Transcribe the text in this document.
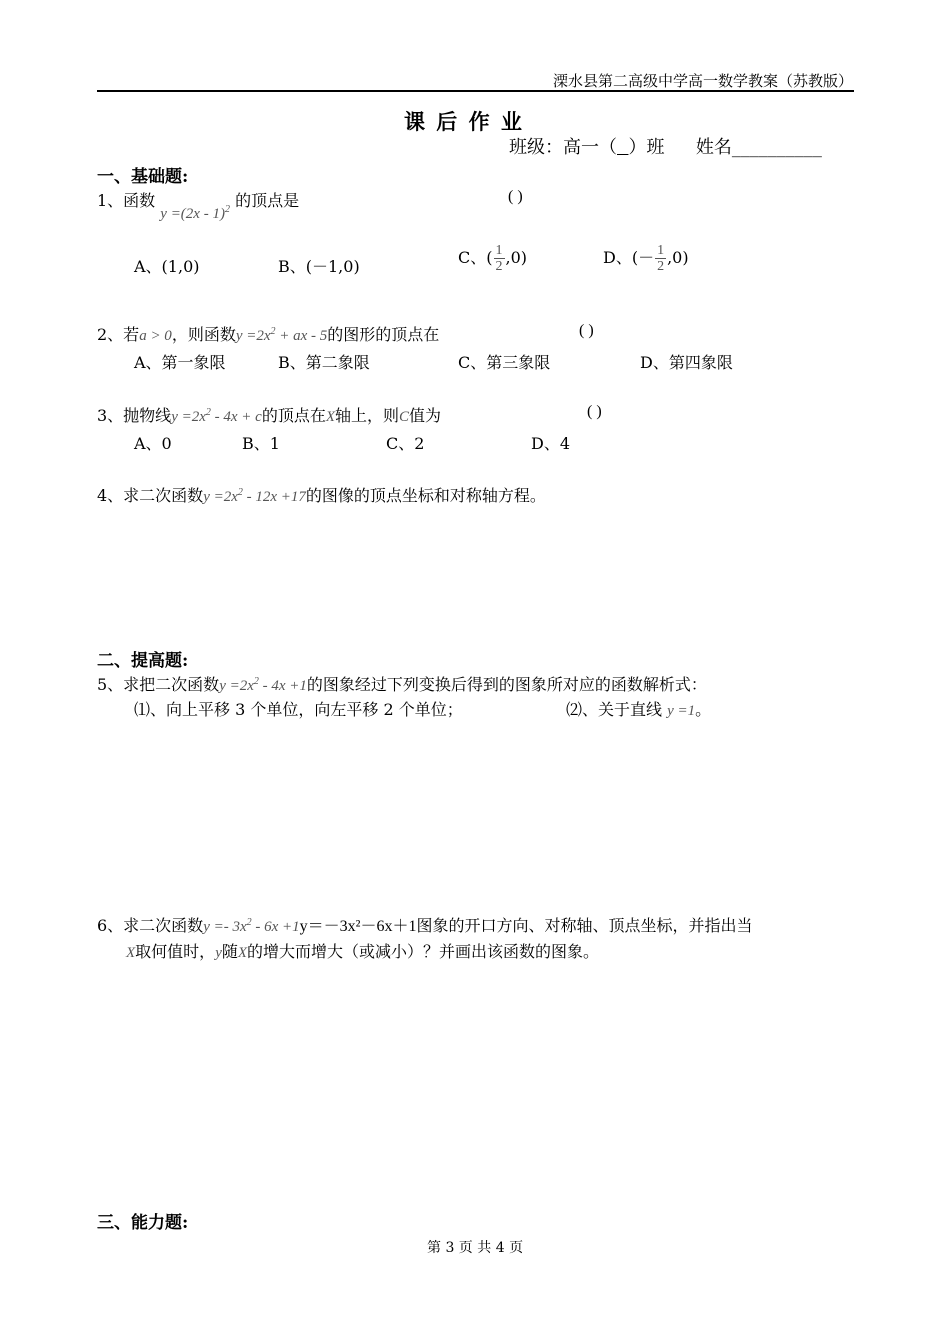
溧水县第二高级中学高一数学教案（苏教版）
课 后 作 业
班级：高一（ ）班 姓名__________
一、基础题:
1、函数 y =(2x - 1)$^2$ 的顶点是	( )
A、(1,0)	B、(－1,0)	C、( $\frac{1}{2} ,0$)	D、(－ $\frac{1}{2} ,0$)
2、若a > 0，则函数$y =2x^2$ + ax - 5的图形的顶点在	( )
A、第一象限	B、第二象限	C、第三象限	D、第四象限
3、抛物线$y =2x^2 - 4x + c$的顶点在X轴上，则C值为	( )
A、0	B、1	C、2	D、4
4、求二次函数$y =2x^2 - 12x +17$的图像的顶点坐标和对称轴方程。
二、提高题:
5、求把二次函数$y =2x^2 - 4x +1$的图象经过下列变换后得到的图象所对应的函数解析式：
⑴、向上平移 3 个单位，向左平移 2 个单位；	⑵、关于直线 y =1。
6、求二次函数$y =- 3x^2 - 6x +1y=-3x^2-6x+1$图象的开口方向、对称轴、顶点坐标，并指出当
X取何值时，y随X的增大而增大（或减小）？并画出该函数的图象。
三、能力题:
第 3 页 共 4 页
